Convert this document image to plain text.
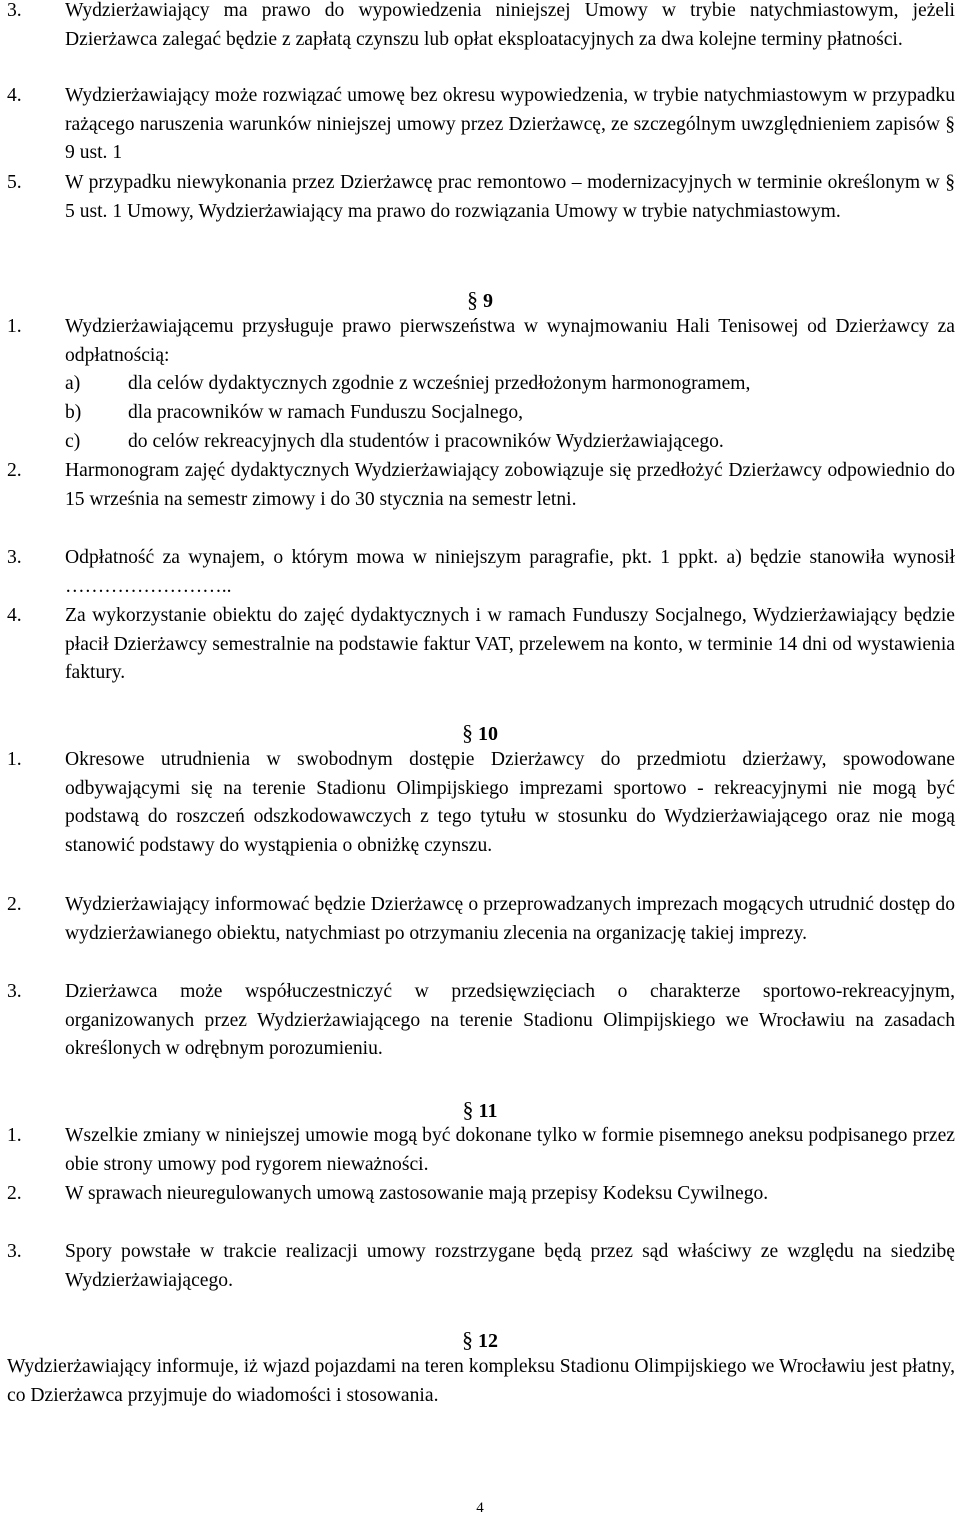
3.	Wydzierżawiający ma prawo do wypowiedzenia niniejszej Umowy w trybie natychmiastowym, jeżeli Dzierżawca zalegać będzie z zapłatą czynszu lub opłat eksploatacyjnych za dwa kolejne terminy płatności.
4.	Wydzierżawiający może rozwiązać umowę bez okresu wypowiedzenia, w trybie natychmiastowym w przypadku rażącego naruszenia warunków niniejszej umowy przez Dzierżawcę, ze szczególnym uwzględnieniem zapisów § 9 ust. 1
5.	W przypadku niewykonania przez Dzierżawcę prac remontowo – modernizacyjnych w terminie określonym w § 5 ust. 1 Umowy, Wydzierżawiający ma prawo do rozwiązania Umowy w trybie natychmiastowym.
§ 9
1.	Wydzierżawiającemu przysługuje prawo pierwszeństwa w wynajmowaniu Hali Tenisowej od Dzierżawcy za odpłatnością:
a)	dla celów dydaktycznych zgodnie z wcześniej przedłożonym harmonogramem,
b)	dla pracowników w ramach Funduszu Socjalnego,
c)	do celów rekreacyjnych dla studentów i pracowników Wydzierżawiającego.
2.	Harmonogram zajęć dydaktycznych Wydzierżawiający zobowiązuje się przedłożyć Dzierżawcy odpowiednio do 15 września na semestr zimowy i do 30 stycznia na semestr letni.
3.	Odpłatność za wynajem, o którym mowa w niniejszym paragrafie, pkt. 1 ppkt. a) będzie stanowiła wynosił ……………………..
4.	Za wykorzystanie obiektu do zajęć dydaktycznych i w ramach Funduszy Socjalnego, Wydzierżawiający będzie płacił Dzierżawcy semestralnie na podstawie faktur VAT, przelewem na konto, w terminie 14 dni od wystawienia faktury.
§ 10
1.	Okresowe utrudnienia w swobodnym dostępie Dzierżawcy do przedmiotu dzierżawy, spowodowane odbywającymi się na terenie Stadionu Olimpijskiego imprezami sportowo - rekreacyjnymi nie mogą być podstawą do roszczeń odszkodowawczych z tego tytułu w stosunku do Wydzierżawiającego oraz nie mogą stanowić podstawy do wystąpienia o obniżkę czynszu.
2.	Wydzierżawiający informować będzie Dzierżawcę o przeprowadzanych imprezach mogących utrudnić dostęp do wydzierżawianego obiektu, natychmiast po otrzymaniu zlecenia na organizację takiej imprezy.
3.	Dzierżawca może współuczestniczyć w przedsięwzięciach o charakterze sportowo-rekreacyjnym, organizowanych przez Wydzierżawiającego na terenie Stadionu Olimpijskiego we Wrocławiu na zasadach określonych w odrębnym porozumieniu.
§ 11
1.	Wszelkie zmiany w niniejszej umowie mogą być dokonane tylko w formie pisemnego aneksu podpisanego przez obie strony umowy pod rygorem nieważności.
2.	W sprawach nieuregulowanych umową zastosowanie mają przepisy Kodeksu Cywilnego.
3.	Spory powstałe w trakcie realizacji umowy rozstrzygane będą przez sąd właściwy ze względu na siedzibę Wydzierżawiającego.
§ 12
Wydzierżawiający informuje, iż wjazd pojazdami na teren kompleksu Stadionu Olimpijskiego we Wrocławiu jest płatny, co Dzierżawca przyjmuje do wiadomości i stosowania.
4
